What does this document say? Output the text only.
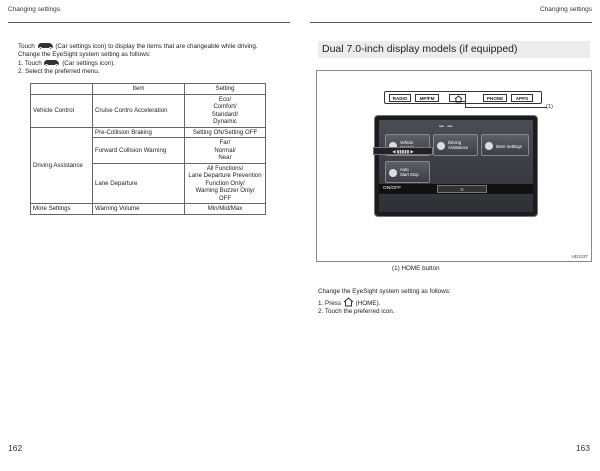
Changing settings	Changing settings
Touch	(Car settings icon) to display the items that are changeable while driving.
Change the EyeSight system setting as follows:
1. Touch	(Car settings icon).
2. Select the preferred menu.
	Item	Setting
Vehicle Control	Cruise Contro Acceleration	Eco/
Comfort/
Standard/
Dynamic
Driving Assistance	Pre-Collision Braking	Setting ON/Setting OFF
	Forward Collision Warning	Far/
Normal/
Near
	Lane Departure	All Functions/
Lane Departure Prevention
Function Only/
Warning Buzzer Only/
OFF
More Settings	Warning Volume	Min/Mid/Max
162	163
Dual 7.0-inch display models (if equipped)
RADIO	MP/FM	PHONE	APPS
(1)
▬ ▬
Vehicle	Driving
Assistance	More Settings
Auto
Start Stop
ON/OFF	≋
◀ ▮▮▮▮▮ ▶
HD1337
(1) HOME button
Change the EyeSight system setting as follows:
1. Press (HOME).
2. Touch the preferred icon.
